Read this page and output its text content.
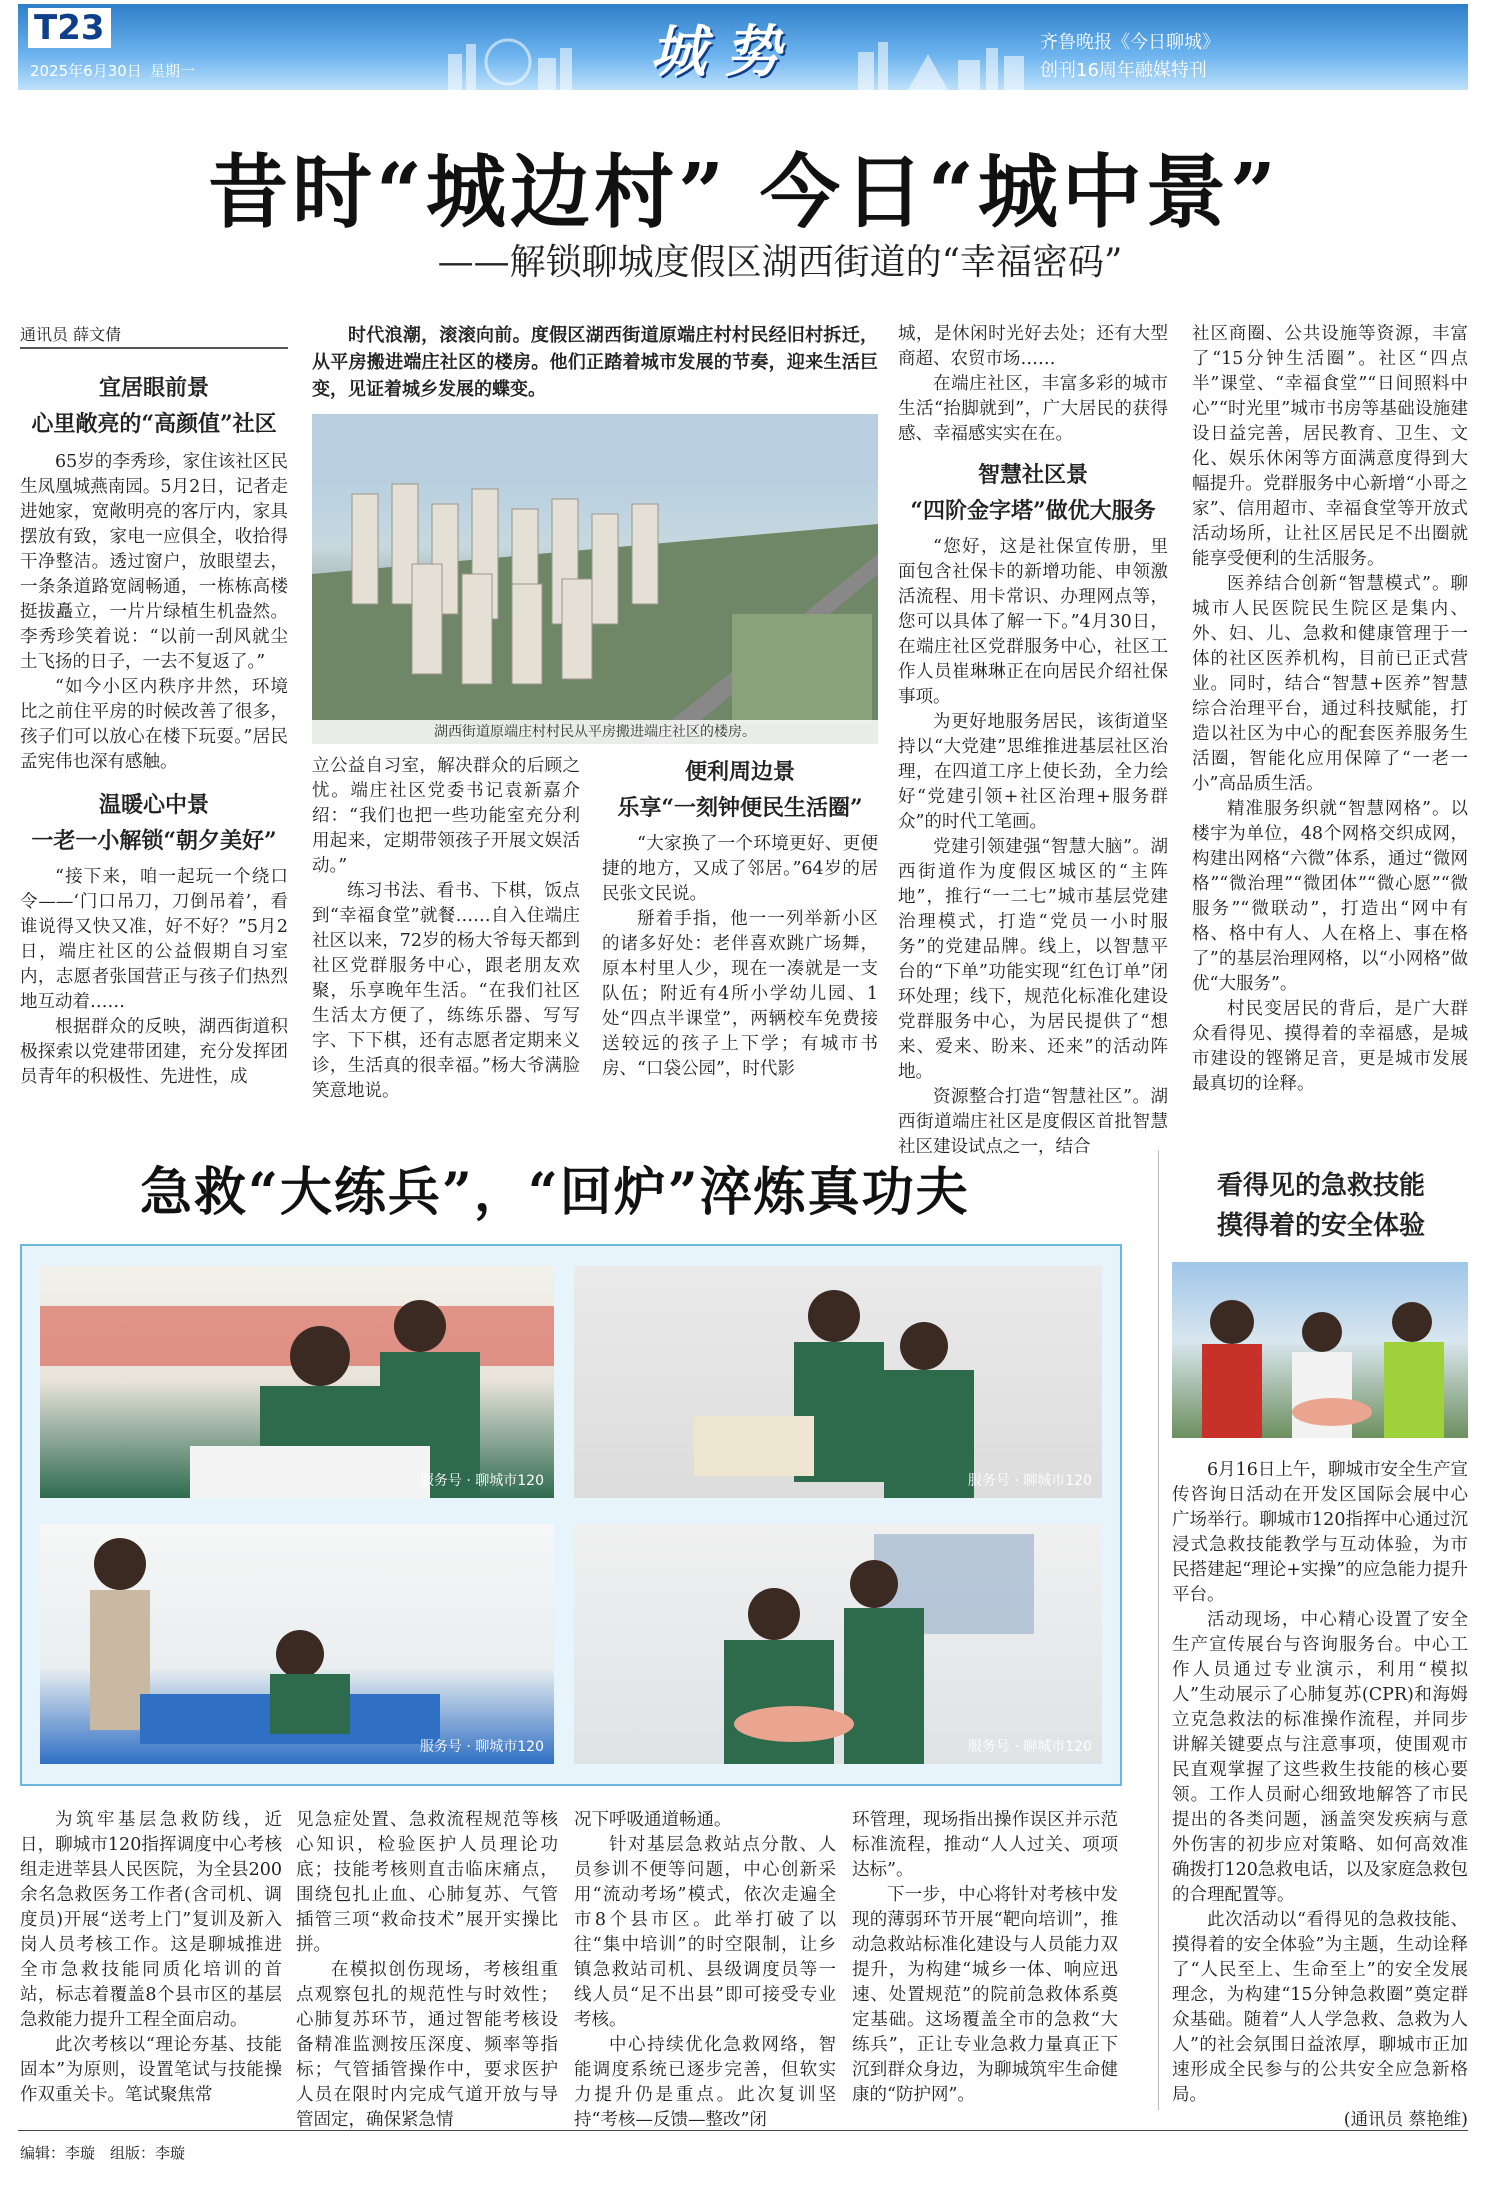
T23
2025年6月30日 星期一	城势	齐鲁晚报《今日聊城》
创刊16周年融媒特刊
昔时“城边村” 今日“城中景”
——解锁聊城度假区湖西街道的“幸福密码”
通讯员 薛文倩
宜居眼前景
心里敞亮的“高颜值”社区

65岁的李秀珍，家住该社区民生凤凰城燕南园。5月2日，记者走进她家，宽敞明亮的客厅内，家具摆放有致，家电一应俱全，收拾得干净整洁。透过窗户，放眼望去，一条条道路宽阔畅通，一栋栋高楼挺拔矗立，一片片绿植生机盎然。李秀珍笑着说：“以前一刮风就尘土飞扬的日子，一去不复返了。”

“如今小区内秩序井然，环境比之前住平房的时候改善了很多，孩子们可以放心在楼下玩耍。”居民孟宪伟也深有感触。

温暖心中景
一老一小解锁“朝夕美好”

“接下来，咱一起玩一个绕口令——‘门口吊刀，刀倒吊着’，看谁说得又快又准，好不好？”5月2日，端庄社区的公益假期自习室内，志愿者张国营正与孩子们热烈地互动着……

根据群众的反映，湖西街道积极探索以党建带团建，充分发挥团员青年的积极性、先进性，成

时代浪潮，滚滚向前。度假区湖西街道原端庄村村民经旧村拆迁，从平房搬进端庄社区的楼房。他们正踏着城市发展的节奏，迎来生活巨变，见证着城乡发展的蝶变。

湖西街道原端庄村村民从平房搬进端庄社区的楼房。

立公益自习室，解决群众的后顾之忧。端庄社区党委书记袁新嘉介绍：“我们也把一些功能室充分利用起来，定期带领孩子开展文娱活动。”

练习书法、看书、下棋，饭点到“幸福食堂”就餐……自入住端庄社区以来，72岁的杨大爷每天都到社区党群服务中心，跟老朋友欢聚，乐享晚年生活。“在我们社区生活太方便了，练练乐器、写写字、下下棋，还有志愿者定期来义诊，生活真的很幸福。”杨大爷满脸笑意地说。

便利周边景
乐享“一刻钟便民生活圈”

“大家换了一个环境更好、更便捷的地方，又成了邻居。”64岁的居民张文民说。

掰着手指，他一一列举新小区的诸多好处：老伴喜欢跳广场舞，原本村里人少，现在一凑就是一支队伍；附近有4所小学幼儿园、1处“四点半课堂”，两辆校车免费接送较远的孩子上下学；有城市书房、“口袋公园”，时代影

城，是休闲时光好去处；还有大型商超、农贸市场……

在端庄社区，丰富多彩的城市生活“抬脚就到”，广大居民的获得感、幸福感实实在在。

智慧社区景
“四阶金字塔”做优大服务

“您好，这是社保宣传册，里面包含社保卡的新增功能、申领激活流程、用卡常识、办理网点等，您可以具体了解一下。”4月30日，在端庄社区党群服务中心，社区工作人员崔琳琳正在向居民介绍社保事项。

为更好地服务居民，该街道坚持以“大党建”思维推进基层社区治理，在四道工序上使长劲，全力绘好“党建引领+社区治理+服务群众”的时代工笔画。

党建引领建强“智慧大脑”。湖西街道作为度假区城区的“主阵地”，推行“一二七”城市基层党建治理模式，打造“党员一小时服务”的党建品牌。线上，以智慧平台的“下单”功能实现“红色订单”闭环处理；线下，规范化标准化建设党群服务中心，为居民提供了“想来、爱来、盼来、还来”的活动阵地。

资源整合打造“智慧社区”。湖西街道端庄社区是度假区首批智慧社区建设试点之一，结合

社区商圈、公共设施等资源，丰富了“15分钟生活圈”。社区“四点半”课堂、“幸福食堂”“日间照料中心”“时光里”城市书房等基础设施建设日益完善，居民教育、卫生、文化、娱乐休闲等方面满意度得到大幅提升。党群服务中心新增“小哥之家”、信用超市、幸福食堂等开放式活动场所，让社区居民足不出圈就能享受便利的生活服务。

医养结合创新“智慧模式”。聊城市人民医院民生院区是集内、外、妇、儿、急救和健康管理于一体的社区医养机构，目前已正式营业。同时，结合“智慧+医养”智慧综合治理平台，通过科技赋能，打造以社区为中心的配套医养服务生活圈，智能化应用保障了“一老一小”高品质生活。

精准服务织就“智慧网格”。以楼宇为单位，48个网格交织成网，构建出网格“六微”体系，通过“微网格”“微治理”“微团体”“微心愿”“微服务”“微联动”，打造出“网中有格、格中有人、人在格上、事在格了”的基层治理网格，以“小网格”做优“大服务”。

村民变居民的背后，是广大群众看得见、摸得着的幸福感，是城市建设的铿锵足音，更是城市发展最真切的诠释。

急救“大练兵”，“回炉”淬炼真功夫
服务号 · 聊城市120	服务号 · 聊城市120
服务号 · 聊城市120	服务号 · 聊城市120

为筑牢基层急救防线，近日，聊城市120指挥调度中心考核组走进莘县人民医院，为全县200余名急救医务工作者(含司机、调度员)开展“送考上门”复训及新入岗人员考核工作。这是聊城推进全市急救技能同质化培训的首站，标志着覆盖8个县市区的基层急救能力提升工程全面启动。

此次考核以“理论夯基、技能固本”为原则，设置笔试与技能操作双重关卡。笔试聚焦常

见急症处置、急救流程规范等核心知识，检验医护人员理论功底；技能考核则直击临床痛点，围绕包扎止血、心肺复苏、气管插管三项“救命技术”展开实操比拼。

在模拟创伤现场，考核组重点观察包扎的规范性与时效性；心肺复苏环节，通过智能考核设备精准监测按压深度、频率等指标；气管插管操作中，要求医护人员在限时内完成气道开放与导管固定，确保紧急情

况下呼吸通道畅通。

针对基层急救站点分散、人员参训不便等问题，中心创新采用“流动考场”模式，依次走遍全市8个县市区。此举打破了以往“集中培训”的时空限制，让乡镇急救站司机、县级调度员等一线人员“足不出县”即可接受专业考核。

中心持续优化急救网络，智能调度系统已逐步完善，但软实力提升仍是重点。此次复训坚持“考核—反馈—整改”闭

环管理，现场指出操作误区并示范标准流程，推动“人人过关、项项达标”。

下一步，中心将针对考核中发现的薄弱环节开展“靶向培训”，推动急救站标准化建设与人员能力双提升，为构建“城乡一体、响应迅速、处置规范”的院前急救体系奠定基础。这场覆盖全市的急救“大练兵”，正让专业急救力量真正下沉到群众身边，为聊城筑牢生命健康的“防护网”。

看得见的急救技能
摸得着的安全体验

6月16日上午，聊城市安全生产宣传咨询日活动在开发区国际会展中心广场举行。聊城市120指挥中心通过沉浸式急救技能教学与互动体验，为市民搭建起“理论+实操”的应急能力提升平台。

活动现场，中心精心设置了安全生产宣传展台与咨询服务台。中心工作人员通过专业演示，利用“模拟人”生动展示了心肺复苏(CPR)和海姆立克急救法的标准操作流程，并同步讲解关键要点与注意事项，使围观市民直观掌握了这些救生技能的核心要领。工作人员耐心细致地解答了市民提出的各类问题，涵盖突发疾病与意外伤害的初步应对策略、如何高效准确拨打120急救电话，以及家庭急救包的合理配置等。

此次活动以“看得见的急救技能、摸得着的安全体验”为主题，生动诠释了“人民至上、生命至上”的安全发展理念，为构建“15分钟急救圈”奠定群众基础。随着“人人学急救、急救为人人”的社会氛围日益浓厚，聊城市正加速形成全民参与的公共安全应急新格局。

(通讯员 蔡艳维)

编辑：李璇　组版：李璇
